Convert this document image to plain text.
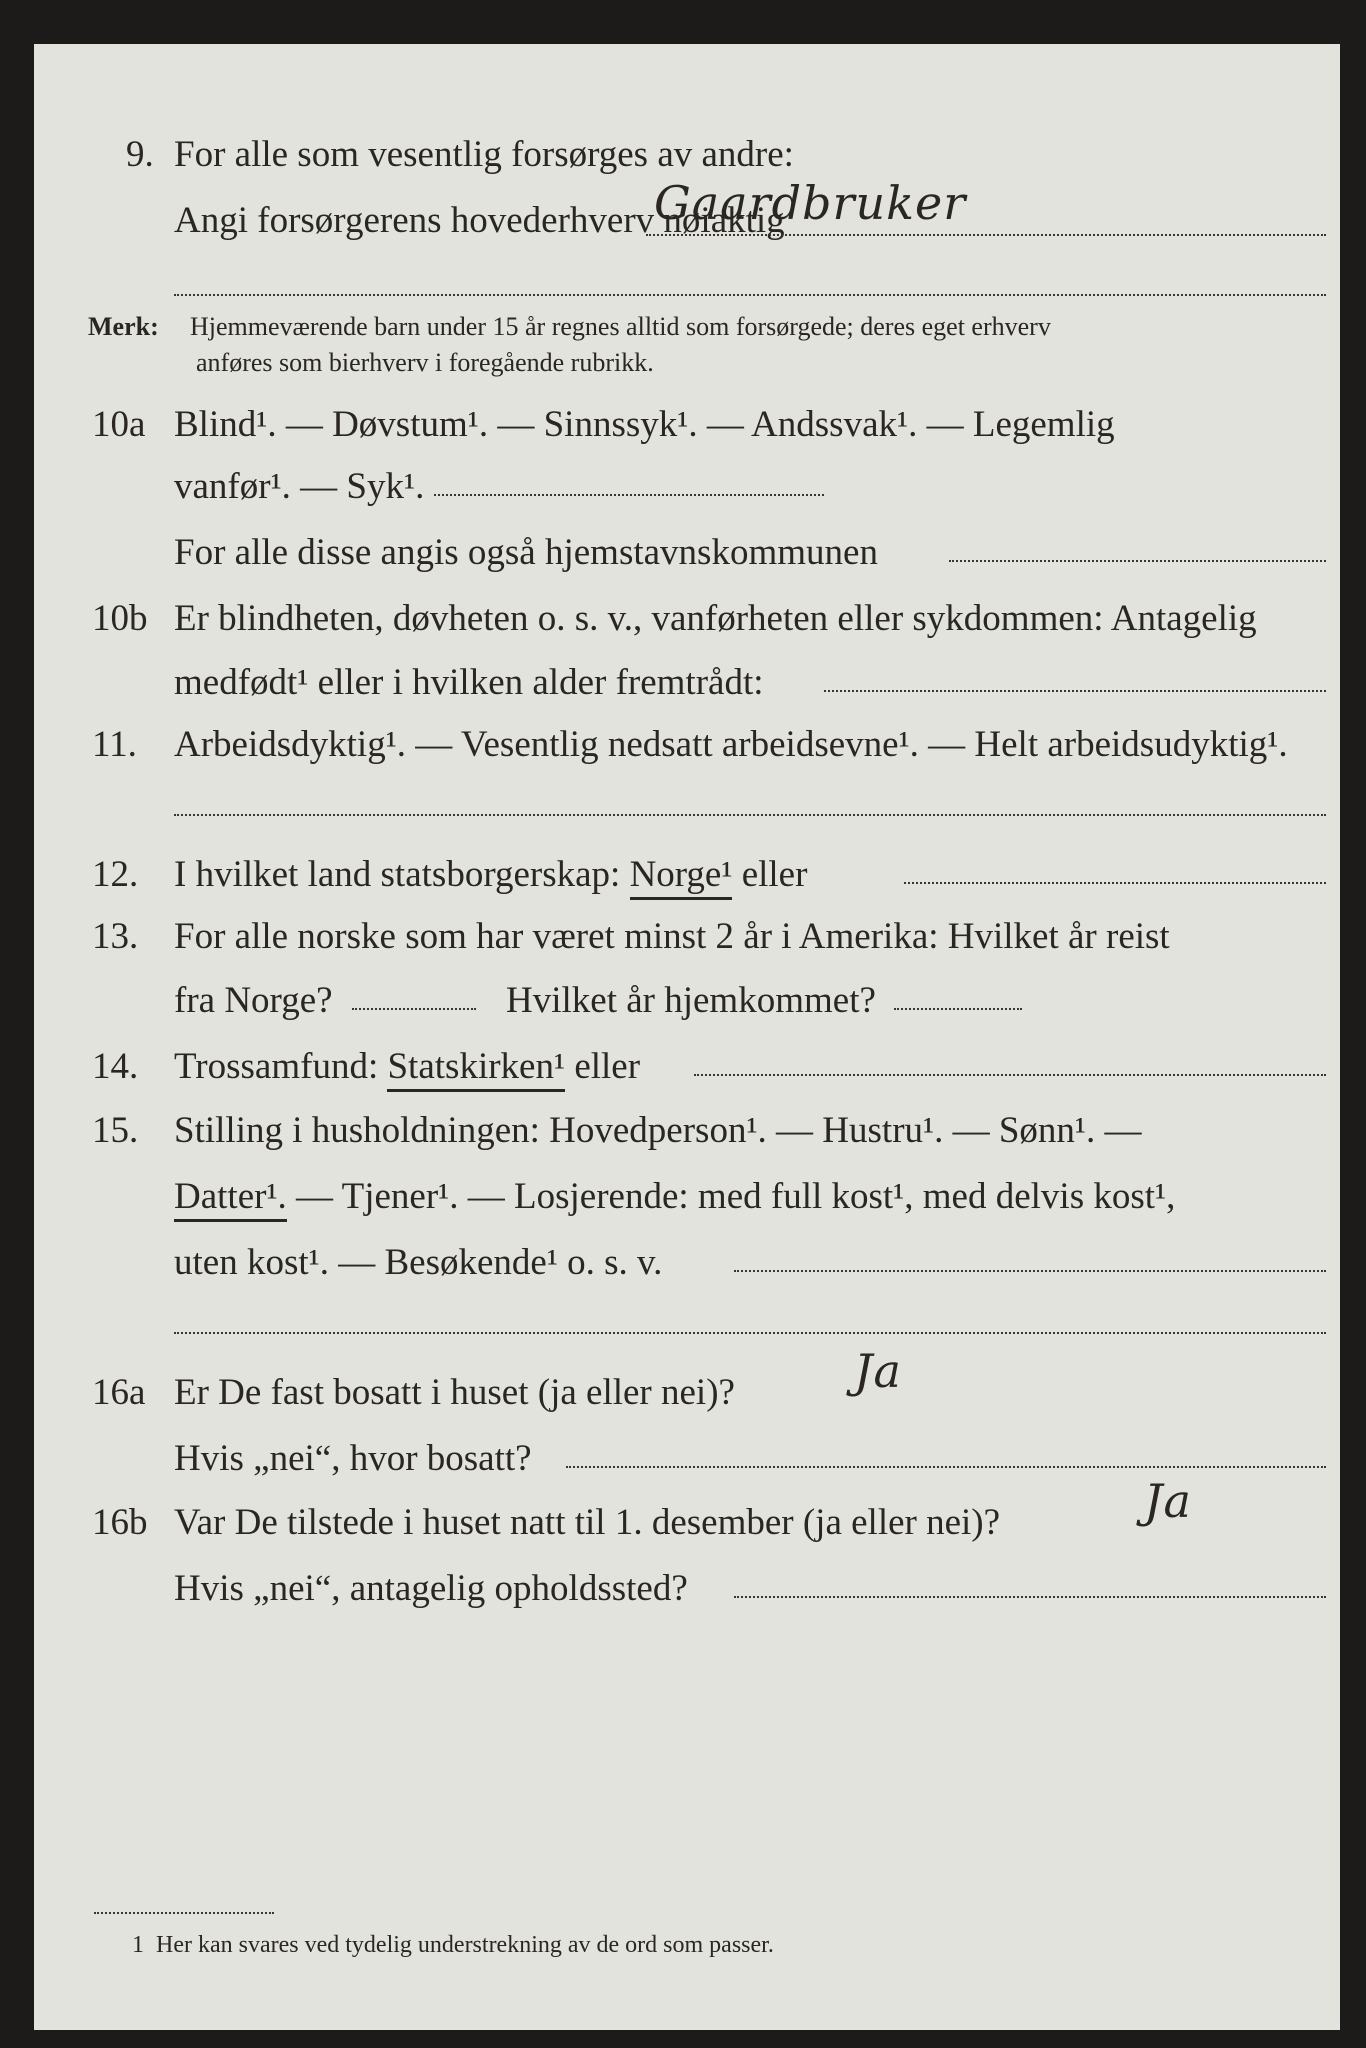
9. For alle som vesentlig forsørges av andre:
Angi forsørgerens hovederhverv nøiaktig
Gaardbruker
Merk: Hjemmeværende barn under 15 år regnes alltid som forsørgede; deres eget erhverv
anføres som bierhverv i foregående rubrikk.
10a Blind¹. — Døvstum¹. — Sinnssyk¹. — Andssvak¹. — Legemlig
vanfør¹. — Syk¹.
For alle disse angis også hjemstavnskommunen
10b Er blindheten, døvheten o. s. v., vanførheten eller sykdommen: Antagelig
medfødt¹ eller i hvilken alder fremtrådt:
11. Arbeidsdyktig¹. — Vesentlig nedsatt arbeidsevne¹. — Helt arbeidsudyktig¹.
12. I hvilket land statsborgerskap: Norge¹ eller
13. For alle norske som har været minst 2 år i Amerika: Hvilket år reist
fra Norge?	Hvilket år hjemkommet?
14. Trossamfund: Statskirken¹ eller
15. Stilling i husholdningen: Hovedperson¹. — Hustru¹. — Sønn¹. —
Datter¹. — Tjener¹. — Losjerende: med full kost¹, med delvis kost¹,
uten kost¹. — Besøkende¹ o. s. v.
16a Er De fast bosatt i huset (ja eller nei)?	Ja
Hvis „nei“, hvor bosatt?
16b Var De tilstede i huset natt til 1. desember (ja eller nei)?	Ja
Hvis „nei“, antagelig opholdssted?
1 Her kan svares ved tydelig understrekning av de ord som passer.
